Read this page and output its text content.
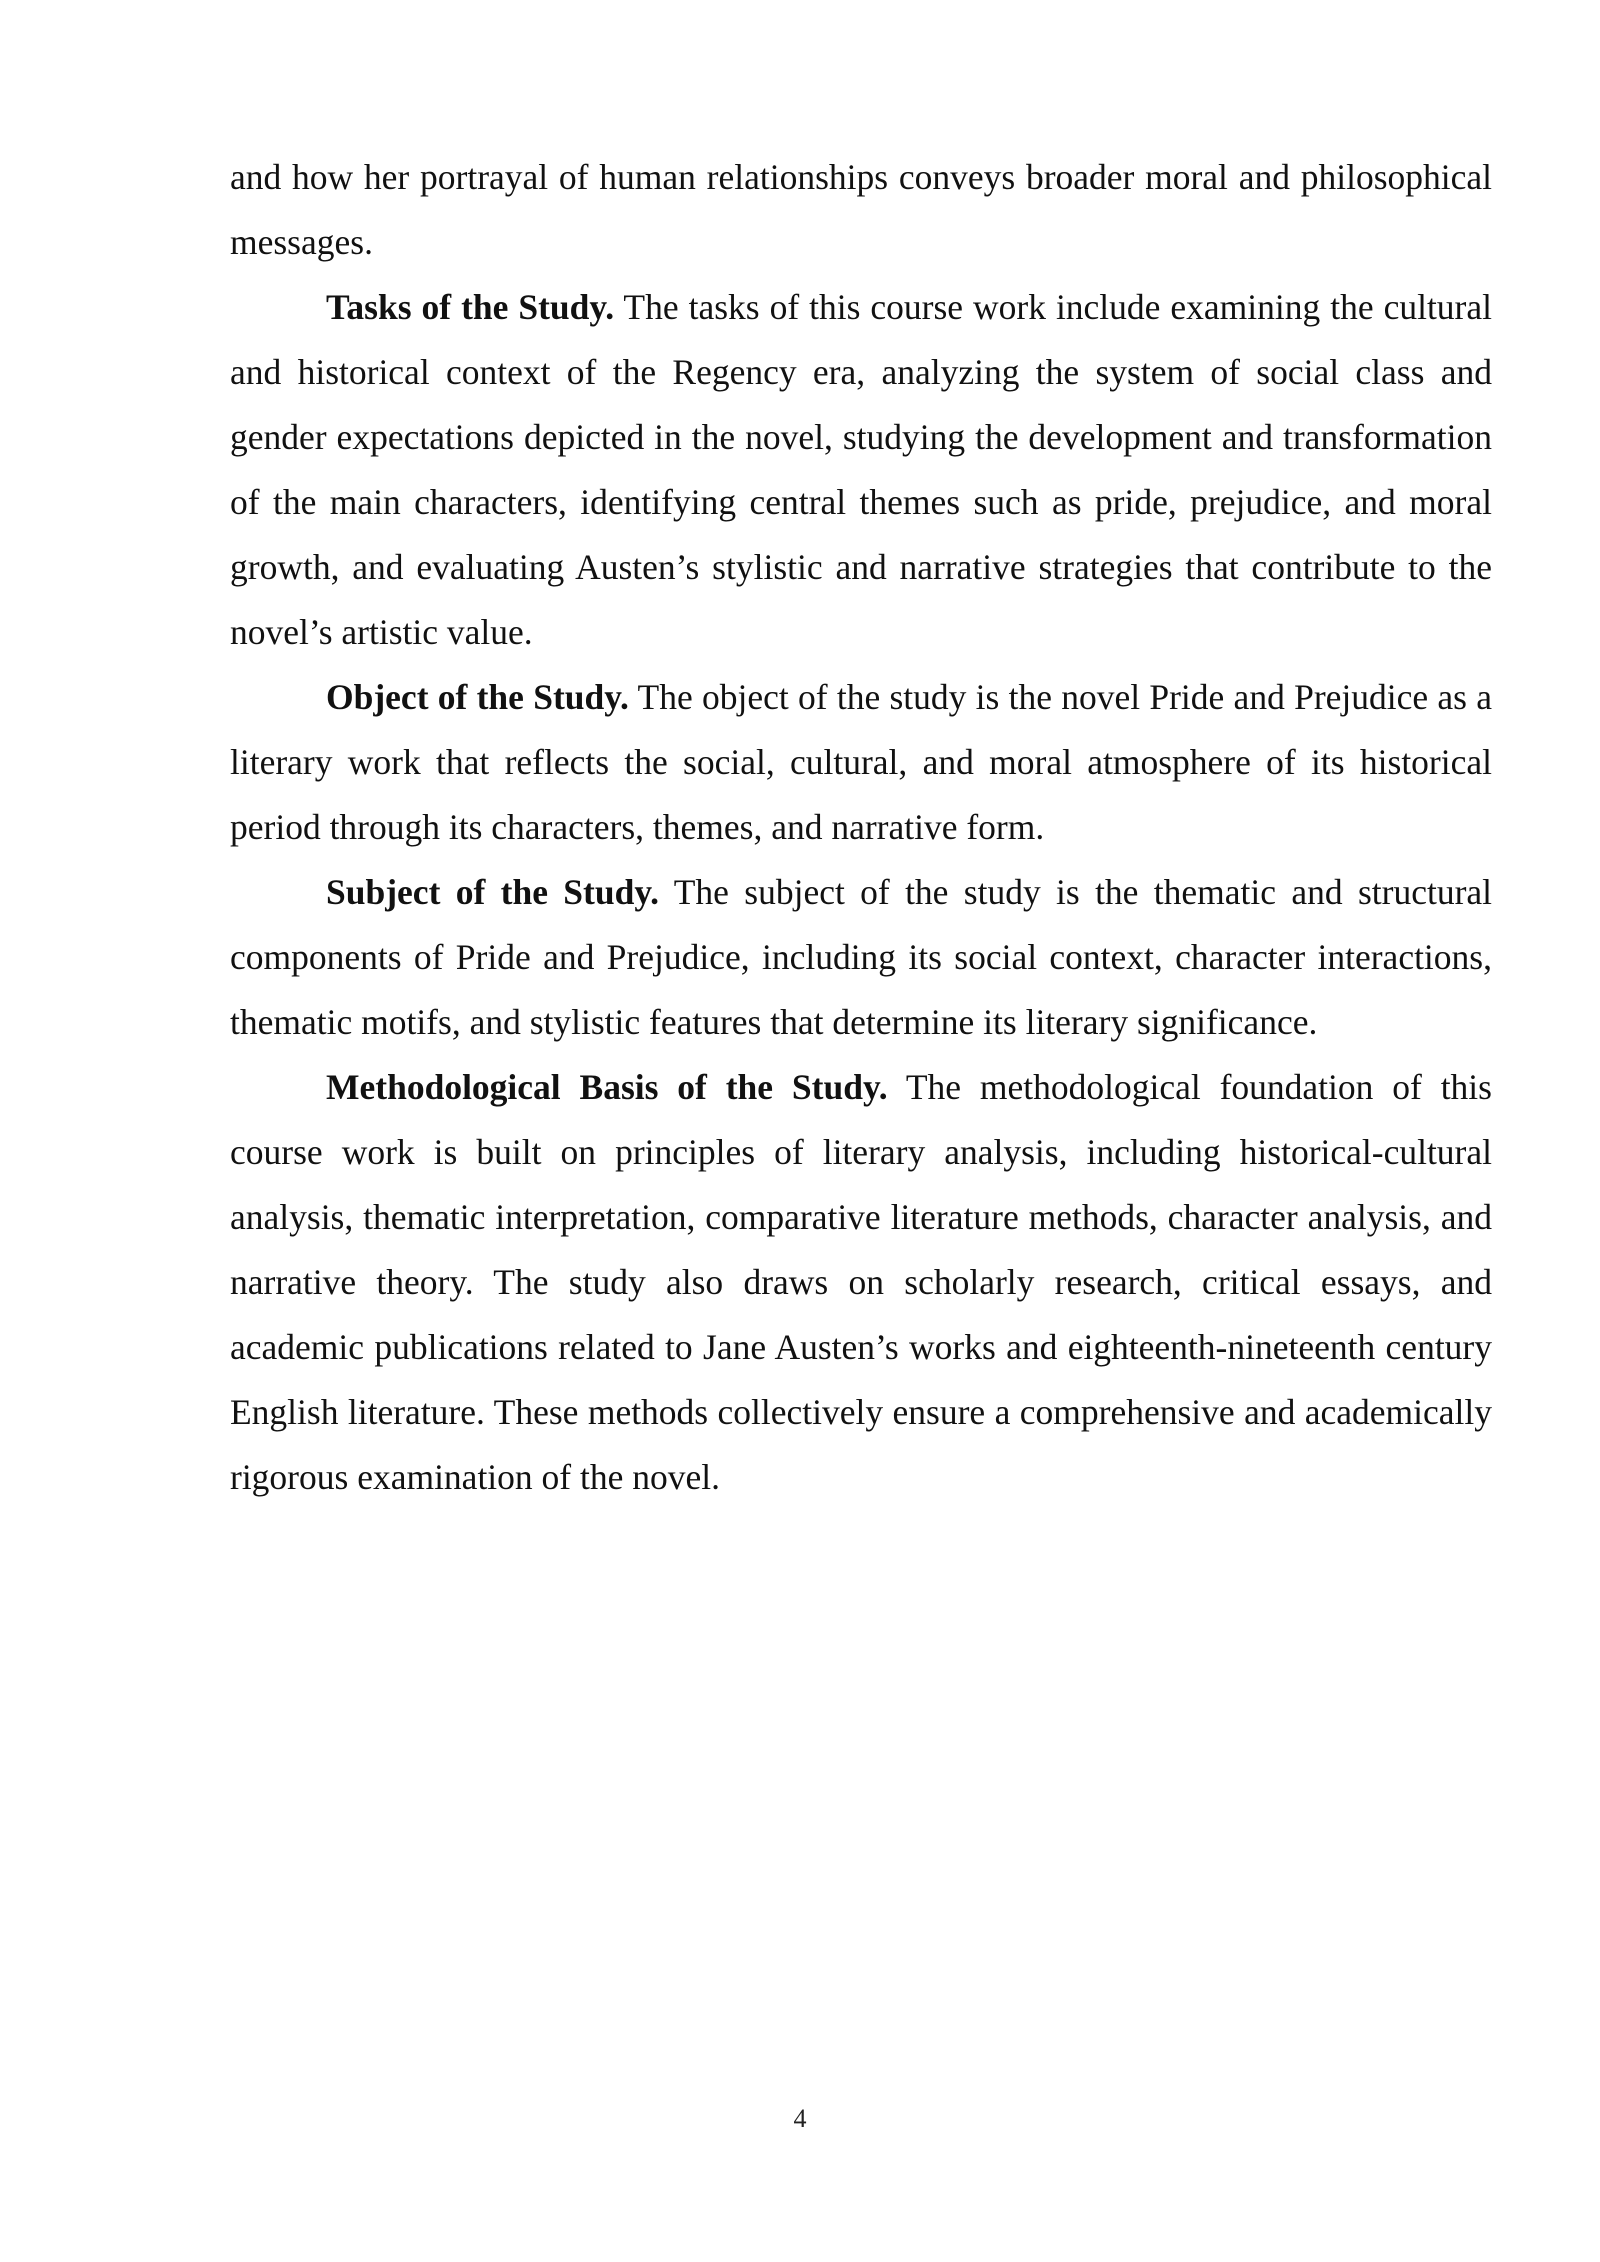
and how her portrayal of human relationships conveys broader moral and philosophical messages.

Tasks of the Study. The tasks of this course work include examining the cultural and historical context of the Regency era, analyzing the system of social class and gender expectations depicted in the novel, studying the development and transformation of the main characters, identifying central themes such as pride, prejudice, and moral growth, and evaluating Austen’s stylistic and narrative strategies that contribute to the novel’s artistic value.

Object of the Study. The object of the study is the novel Pride and Prejudice as a literary work that reflects the social, cultural, and moral atmosphere of its historical period through its characters, themes, and narrative form.

Subject of the Study. The subject of the study is the thematic and structural components of Pride and Prejudice, including its social context, character interactions, thematic motifs, and stylistic features that determine its literary significance.

Methodological Basis of the Study. The methodological foundation of this course work is built on principles of literary analysis, including historical-cultural analysis, thematic interpretation, comparative literature methods, character analysis, and narrative theory. The study also draws on scholarly research, critical essays, and academic publications related to Jane Austen’s works and eighteenth-nineteenth century English literature. These methods collectively ensure a comprehensive and academically rigorous examination of the novel.

4
